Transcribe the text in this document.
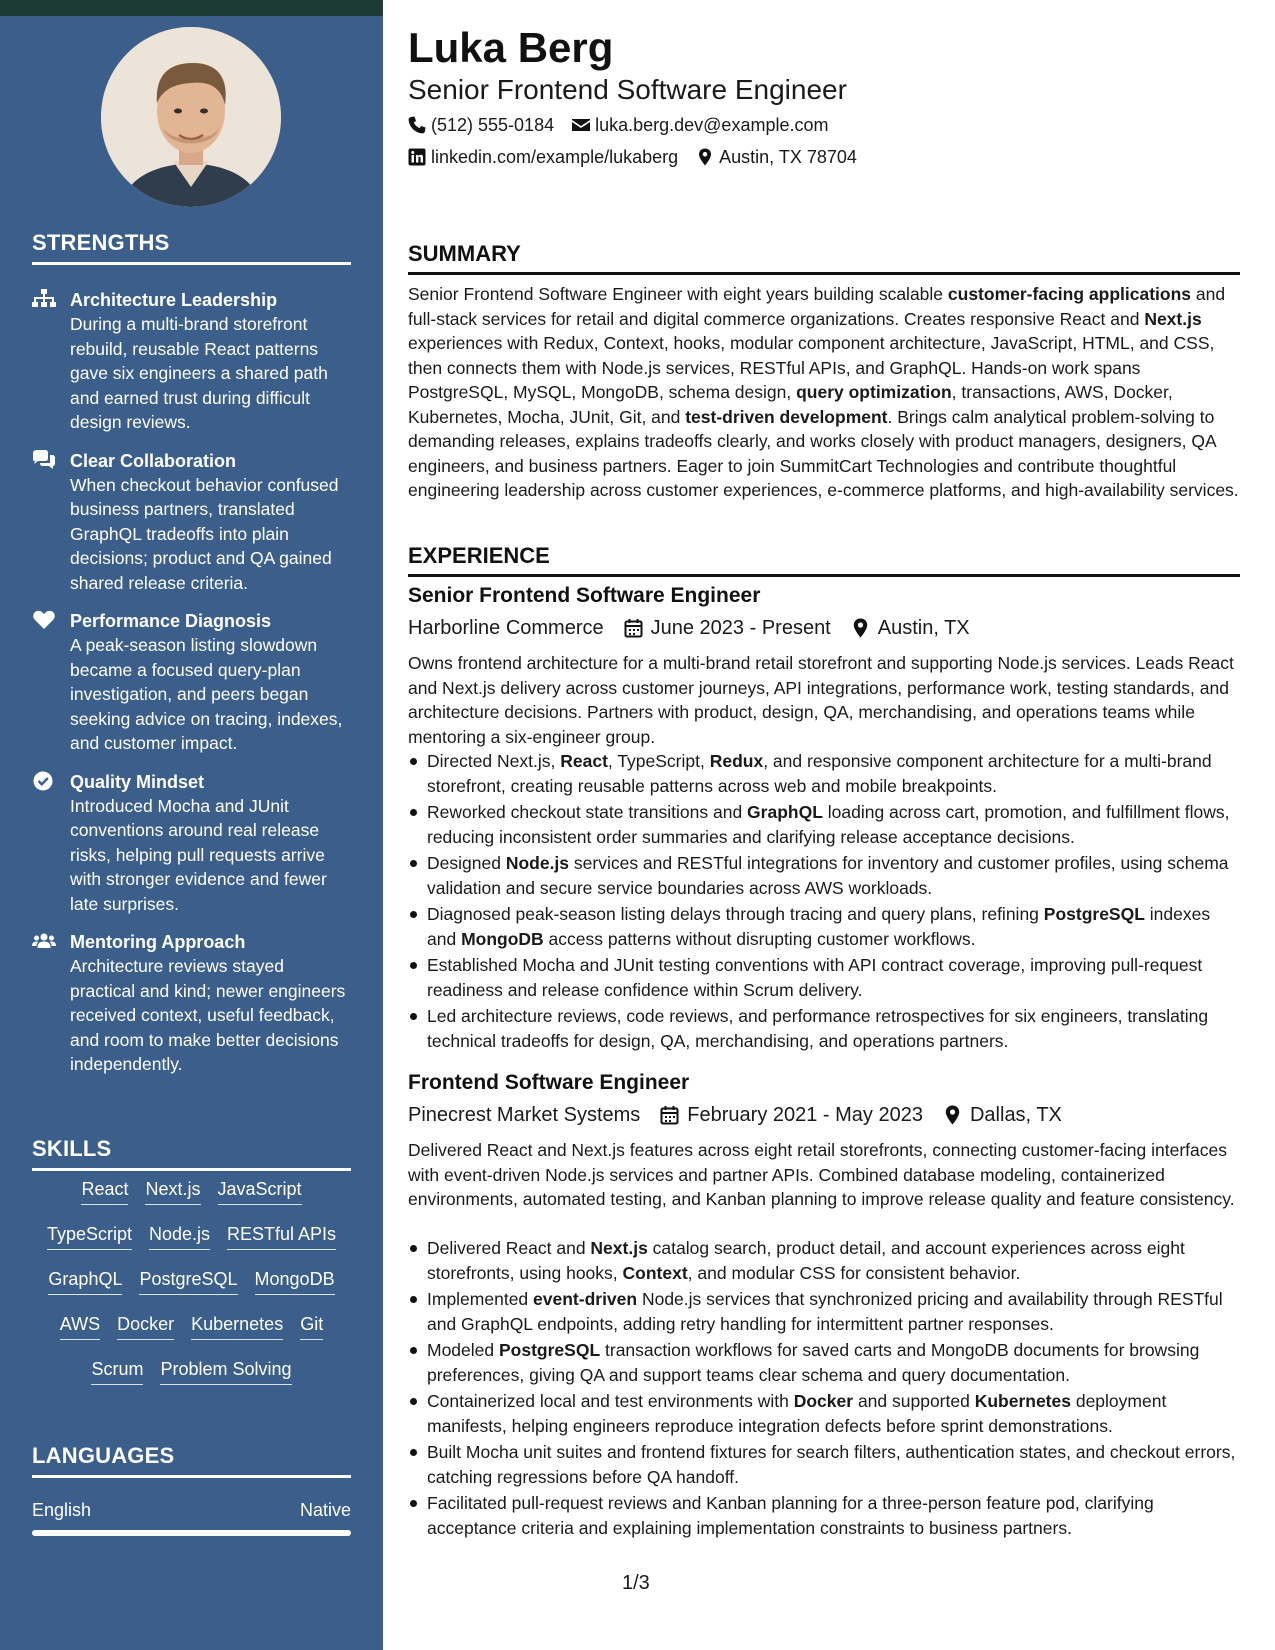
STRENGTHS
Architecture Leadership
During a multi-brand storefront rebuild, reusable React patterns gave six engineers a shared path and earned trust during difficult design reviews.
Clear Collaboration
When checkout behavior confused business partners, translated GraphQL tradeoffs into plain decisions; product and QA gained shared release criteria.
Performance Diagnosis
A peak-season listing slowdown became a focused query-plan investigation, and peers began seeking advice on tracing, indexes, and customer impact.
Quality Mindset
Introduced Mocha and JUnit conventions around real release risks, helping pull requests arrive with stronger evidence and fewer late surprises.
Mentoring Approach
Architecture reviews stayed practical and kind; newer engineers received context, useful feedback, and room to make better decisions independently.
SKILLS
React Next.js JavaScript
TypeScript Node.js RESTful APIs
GraphQL PostgreSQL MongoDB
AWS Docker Kubernetes Git
Scrum Problem Solving
LANGUAGES
English	Native
Luka Berg
Senior Frontend Software Engineer
(512) 555-0184 luka.berg.dev@example.com
linkedin.com/example/lukaberg Austin, TX 78704
SUMMARY
Senior Frontend Software Engineer with eight years building scalable customer-facing applications and full-stack services for retail and digital commerce organizations. Creates responsive React and Next.js experiences with Redux, Context, hooks, modular component architecture, JavaScript, HTML, and CSS, then connects them with Node.js services, RESTful APIs, and GraphQL. Hands-on work spans PostgreSQL, MySQL, MongoDB, schema design, query optimization, transactions, AWS, Docker, Kubernetes, Mocha, JUnit, Git, and test-driven development. Brings calm analytical problem-solving to demanding releases, explains tradeoffs clearly, and works closely with product managers, designers, QA engineers, and business partners. Eager to join SummitCart Technologies and contribute thoughtful engineering leadership across customer experiences, e-commerce platforms, and high-availability services.
EXPERIENCE
Senior Frontend Software Engineer
Harborline Commerce June 2023 - Present Austin, TX
Owns frontend architecture for a multi-brand retail storefront and supporting Node.js services. Leads React and Next.js delivery across customer journeys, API integrations, performance work, testing standards, and architecture decisions. Partners with product, design, QA, merchandising, and operations teams while mentoring a six-engineer group.
Directed Next.js, React, TypeScript, Redux, and responsive component architecture for a multi-brand storefront, creating reusable patterns across web and mobile breakpoints.
Reworked checkout state transitions and GraphQL loading across cart, promotion, and fulfillment flows, reducing inconsistent order summaries and clarifying release acceptance decisions.
Designed Node.js services and RESTful integrations for inventory and customer profiles, using schema validation and secure service boundaries across AWS workloads.
Diagnosed peak-season listing delays through tracing and query plans, refining PostgreSQL indexes and MongoDB access patterns without disrupting customer workflows.
Established Mocha and JUnit testing conventions with API contract coverage, improving pull-request readiness and release confidence within Scrum delivery.
Led architecture reviews, code reviews, and performance retrospectives for six engineers, translating technical tradeoffs for design, QA, merchandising, and operations partners.
Frontend Software Engineer
Pinecrest Market Systems February 2021 - May 2023 Dallas, TX
Delivered React and Next.js features across eight retail storefronts, connecting customer-facing interfaces with event-driven Node.js services and partner APIs. Combined database modeling, containerized environments, automated testing, and Kanban planning to improve release quality and feature consistency.
Delivered React and Next.js catalog search, product detail, and account experiences across eight storefronts, using hooks, Context, and modular CSS for consistent behavior.
Implemented event-driven Node.js services that synchronized pricing and availability through RESTful and GraphQL endpoints, adding retry handling for intermittent partner responses.
Modeled PostgreSQL transaction workflows for saved carts and MongoDB documents for browsing preferences, giving QA and support teams clear schema and query documentation.
Containerized local and test environments with Docker and supported Kubernetes deployment manifests, helping engineers reproduce integration defects before sprint demonstrations.
Built Mocha unit suites and frontend fixtures for search filters, authentication states, and checkout errors, catching regressions before QA handoff.
Facilitated pull-request reviews and Kanban planning for a three-person feature pod, clarifying acceptance criteria and explaining implementation constraints to business partners.
1/3
